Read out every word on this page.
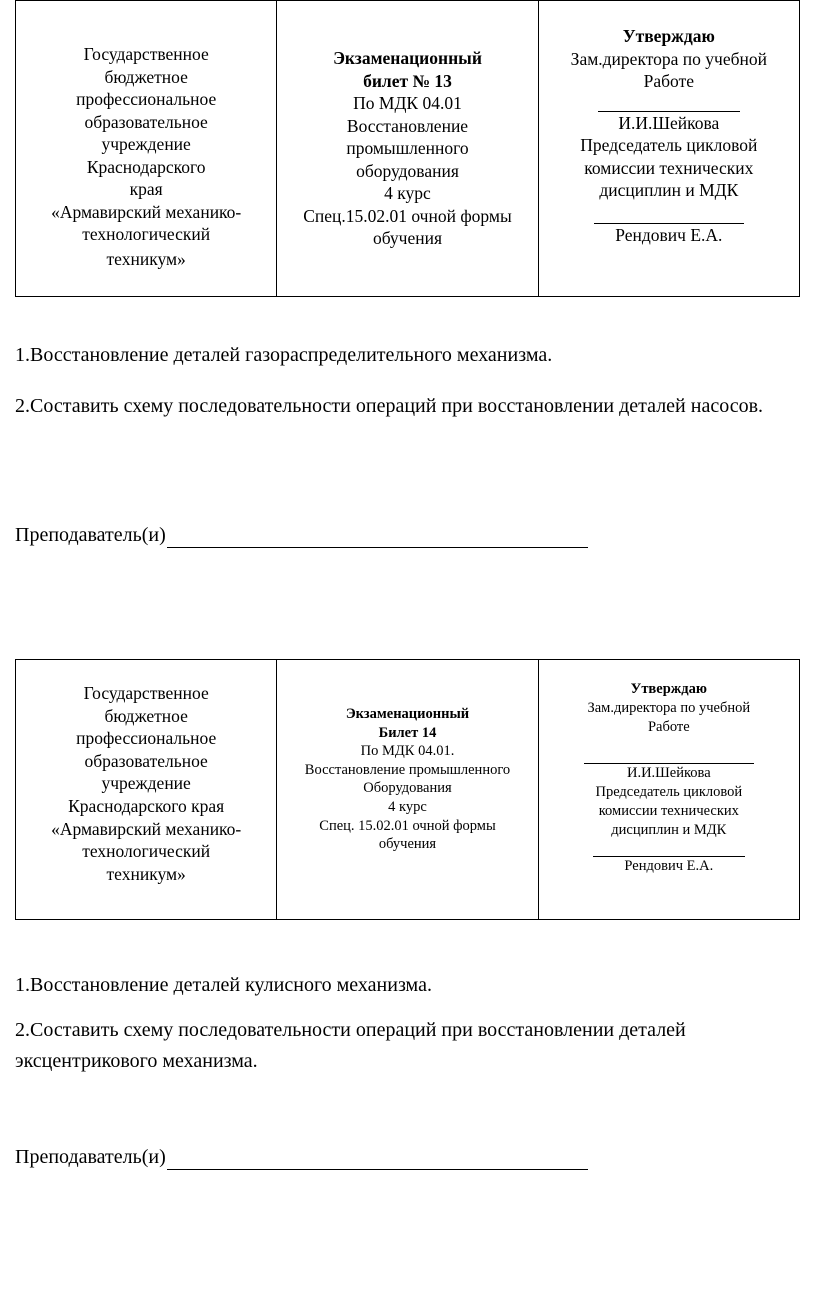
Государственное
бюджетное
профессиональное
образовательное
учреждение
Краснодарского
края
«Армавирский механико-
технологический
техникум»
Экзаменационный
билет № 13
По МДК 04.01
Восстановление
промышленного
оборудования
4 курс
Спец.15.02.01 очной формы
обучения
Утверждаю
Зам.директора по учебной
Работе
И.И.Шейкова
Председатель цикловой
комиссии технических
дисциплин и МДК
Рендович Е.А.

1.Восстановление деталей газораспределительного механизма.

2.Составить схему последовательности операций при восстановлении деталей насосов.

Преподаватель(и)
Государственное
бюджетное
профессиональное
образовательное
учреждение
Краснодарского края
«Армавирский механико-
технологический
техникум»
Экзаменационный
Билет 14
По МДК 04.01.
Восстановление промышленного
Оборудования
4 курс
Спец. 15.02.01 очной формы
обучения
Утверждаю
Зам.директора по учебной
Работе
И.И.Шейкова
Председатель цикловой
комиссии технических
дисциплин и МДК
Рендович Е.А.

1.Восстановление деталей кулисного механизма.

2.Составить схему последовательности операций при восстановлении деталей эксцентрикового механизма.

Преподаватель(и)
